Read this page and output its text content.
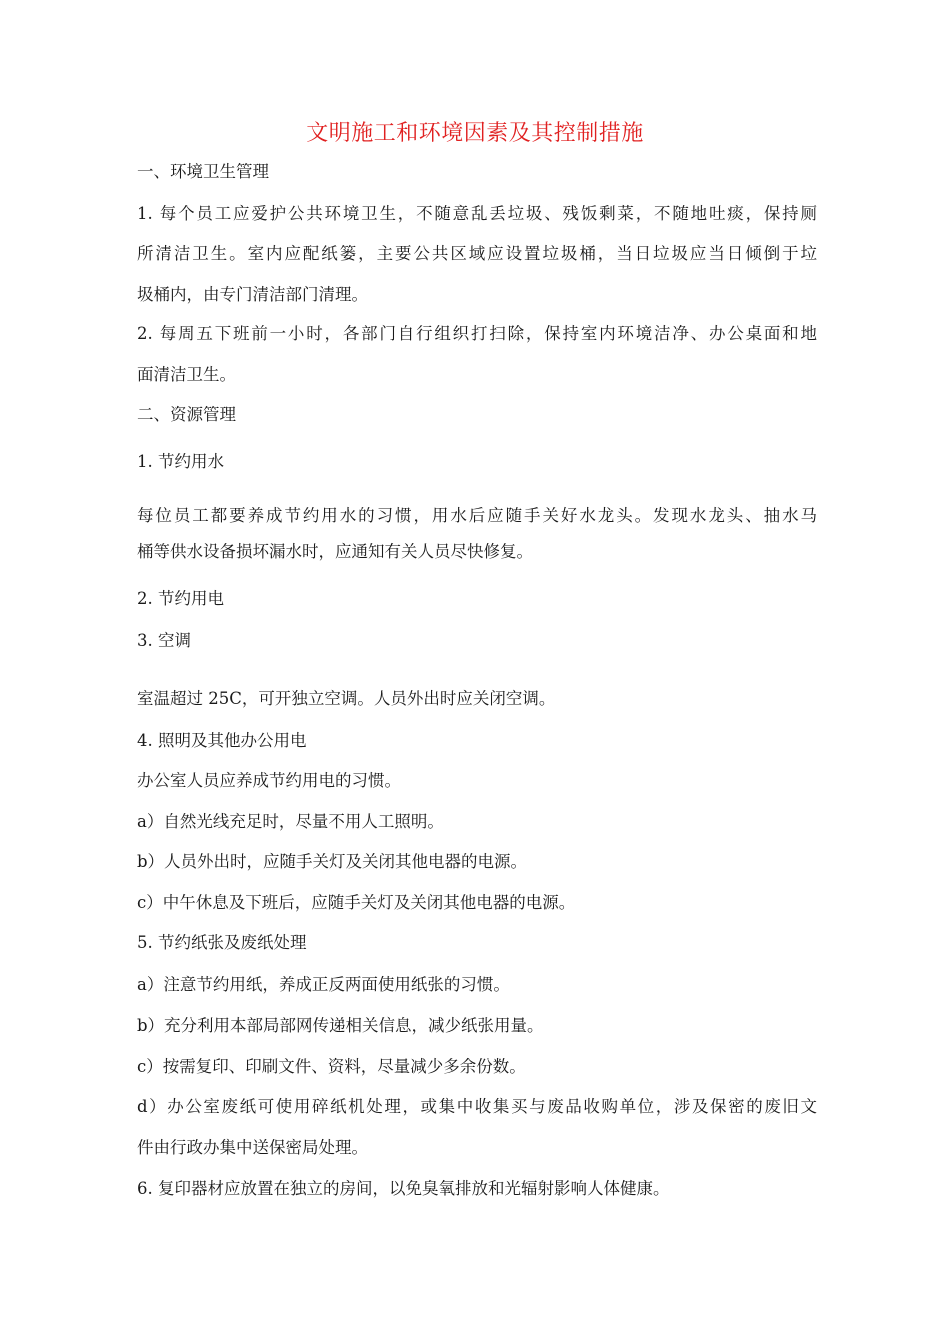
文明施工和环境因素及其控制措施
一、环境卫生管理
1. 每个员工应爱护公共环境卫生，不随意乱丢垃圾、残饭剩菜，不随地吐痰，保持厕
所清洁卫生。室内应配纸篓，主要公共区域应设置垃圾桶，当日垃圾应当日倾倒于垃
圾桶内，由专门清洁部门清理。
2. 每周五下班前一小时，各部门自行组织打扫除，保持室内环境洁净、办公桌面和地
面清洁卫生。
二、资源管理
1. 节约用水
每位员工都要养成节约用水的习惯，用水后应随手关好水龙头。发现水龙头、抽水马
桶等供水设备损坏漏水时，应通知有关人员尽快修复。
2. 节约用电
3. 空调
室温超过 25C，可开独立空调。人员外出时应关闭空调。
4. 照明及其他办公用电
办公室人员应养成节约用电的习惯。
a）自然光线充足时，尽量不用人工照明。
b）人员外出时，应随手关灯及关闭其他电器的电源。
c）中午休息及下班后，应随手关灯及关闭其他电器的电源。
5. 节约纸张及废纸处理
a）注意节约用纸，养成正反两面使用纸张的习惯。
b）充分利用本部局部网传递相关信息，减少纸张用量。
c）按需复印、印刷文件、资料，尽量减少多余份数。
d）办公室废纸可使用碎纸机处理，或集中收集买与废品收购单位，涉及保密的废旧文
件由行政办集中送保密局处理。
6. 复印器材应放置在独立的房间，以免臭氧排放和光辐射影响人体健康。
